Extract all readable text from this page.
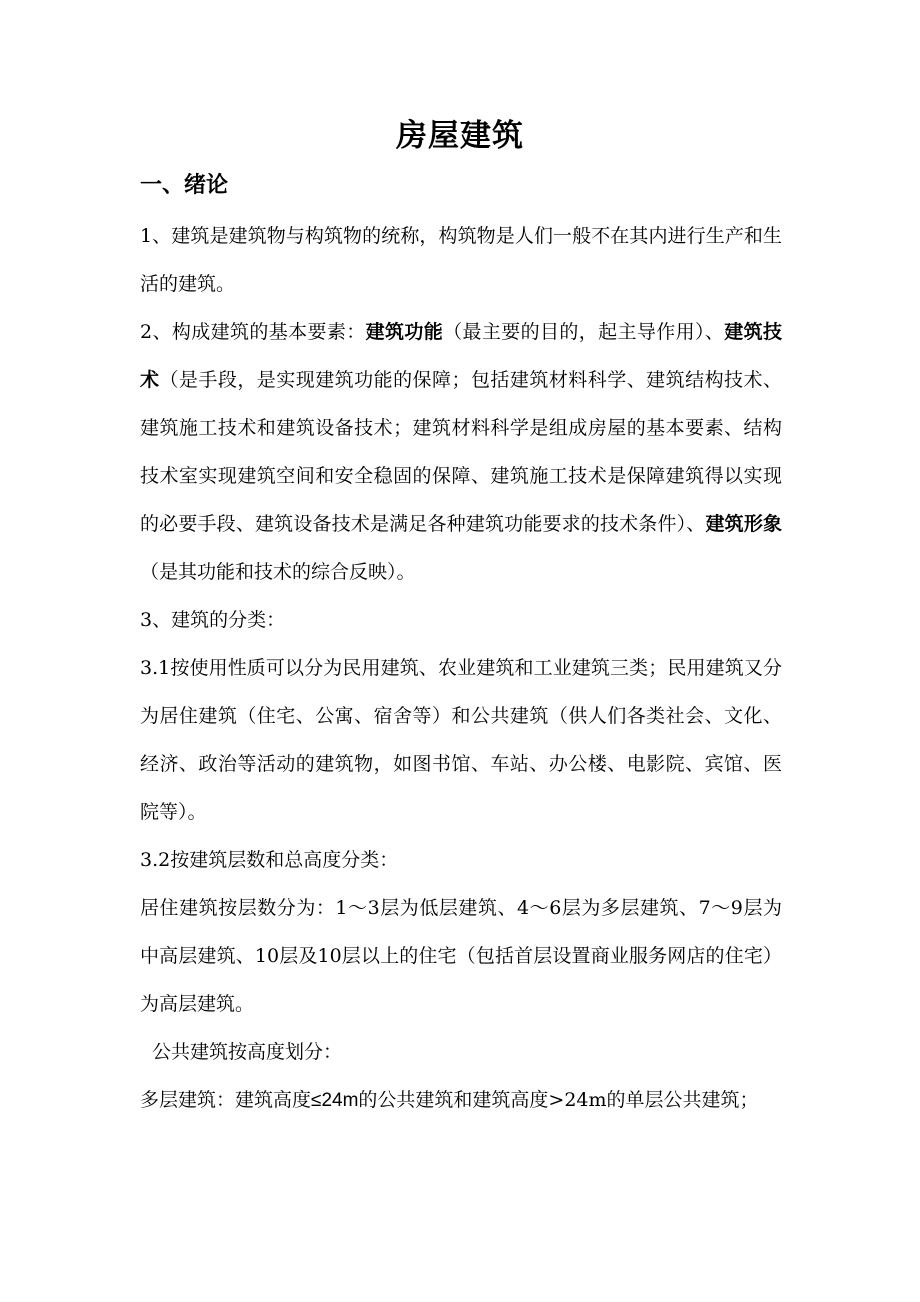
房屋建筑
一、绪论

1、建筑是建筑物与构筑物的统称，构筑物是人们一般不在其内进行生产和生活的建筑。

2、构成建筑的基本要素：建筑功能（最主要的目的，起主导作用）、建筑技术（是手段，是实现建筑功能的保障；包括建筑材料科学、建筑结构技术、建筑施工技术和建筑设备技术；建筑材料科学是组成房屋的基本要素、结构技术室实现建筑空间和安全稳固的保障、建筑施工技术是保障建筑得以实现的必要手段、建筑设备技术是满足各种建筑功能要求的技术条件）、建筑形象（是其功能和技术的综合反映）。

3、建筑的分类：

3.1按使用性质可以分为民用建筑、农业建筑和工业建筑三类；民用建筑又分为居住建筑（住宅、公寓、宿舍等）和公共建筑（供人们各类社会、文化、经济、政治等活动的建筑物，如图书馆、车站、办公楼、电影院、宾馆、医院等）。

3.2按建筑层数和总高度分类：

居住建筑按层数分为：1～3层为低层建筑、4～6层为多层建筑、7～9层为中高层建筑、10层及10层以上的住宅（包括首层设置商业服务网店的住宅）为高层建筑。

公共建筑按高度划分：

多层建筑：建筑高度≤24m的公共建筑和建筑高度>24m的单层公共建筑；
